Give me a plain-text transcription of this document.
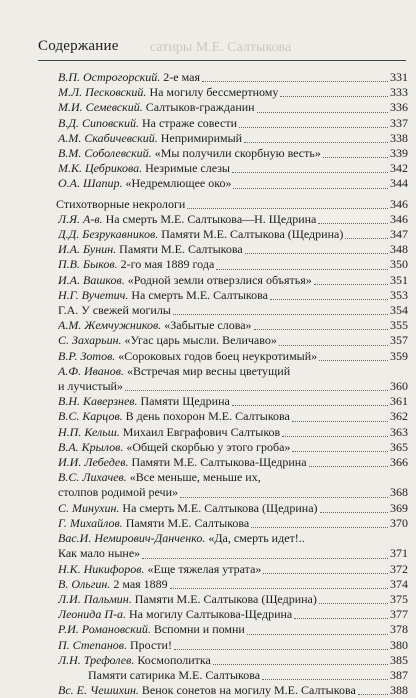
сатиры М.Е. Салтыкова
Содержание
В.П. Острогорский. 2-е мая	331
М.Л. Песковский. На могилу бессмертному	333
М.И. Семевский. Салтыков-гражданин	336
В.Д. Сиповский. На страже совести	337
А.М. Скабичевский. Непримиримый	338
В.М. Соболевский. «Мы получили скорбную весть»	339
М.К. Цебрикова. Незримые слезы	342
О.А. Шапир. «Недремлющее око»	344
Стихотворные некрологи	346
Л.Я. А-в. На смерть М.Е. Салтыкова—Н. Щедрина	346
Д.Д. Безрукавников. Памяти М.Е. Салтыкова (Щедрина)	347
И.А. Бунин. Памяти М.Е. Салтыкова	348
П.В. Быков. 2-го мая 1889 года	350
И.А. Вашков. «Родной земли отверзлися объятья»	351
Н.Г. Вучетич. На смерть М.Е. Салтыкова	353
Г.А. У свежей могилы	354
А.М. Жемчужников. «Забытые слова»	355
С. Захарьин. «Угас царь мысли. Величаво»	357
В.Р. Зотов. «Сороковых годов боец неукротимый»	359
А.Ф. Иванов. «Встречая мир весны цветущий
и лучистый»	360
В.Н. Каверзнев. Памяти Щедрина	361
В.С. Карцов. В день похорон М.Е. Салтыкова	362
Н.П. Кельш. Михаил Евграфович Салтыков	363
В.А. Крылов. «Общей скорбью у этого гроба»	365
И.И. Лебедев. Памяти М.Е. Салтыкова-Щедрина	366
В.С. Лихачев. «Все меньше, меньше их,
столпов родимой речи»	368
С. Минухин. На смерть М.Е. Салтыкова (Щедрина)	369
Г. Михайлов. Памяти М.Е. Салтыкова	370
Вас.И. Немирович-Данченко. «Да, смерть идет!..
Как мало ныне»	371
Н.К. Никифоров. «Еще тяжелая утрата»	372
В. Ольгин. 2 мая 1889	374
Л.И. Пальмин. Памяти М.Е. Салтыкова (Щедрина)	375
Леонида П-а. На могилу Салтыкова-Щедрина	377
Р.И. Романовский. Вспомни и помни	378
П. Степанов. Прости!	380
Л.Н. Трефолев. Космополитка	385
Памяти сатирика М.Е. Салтыкова	387
Вс. Е. Чешихин. Венок сонетов на могилу М.Е. Салтыкова	388
